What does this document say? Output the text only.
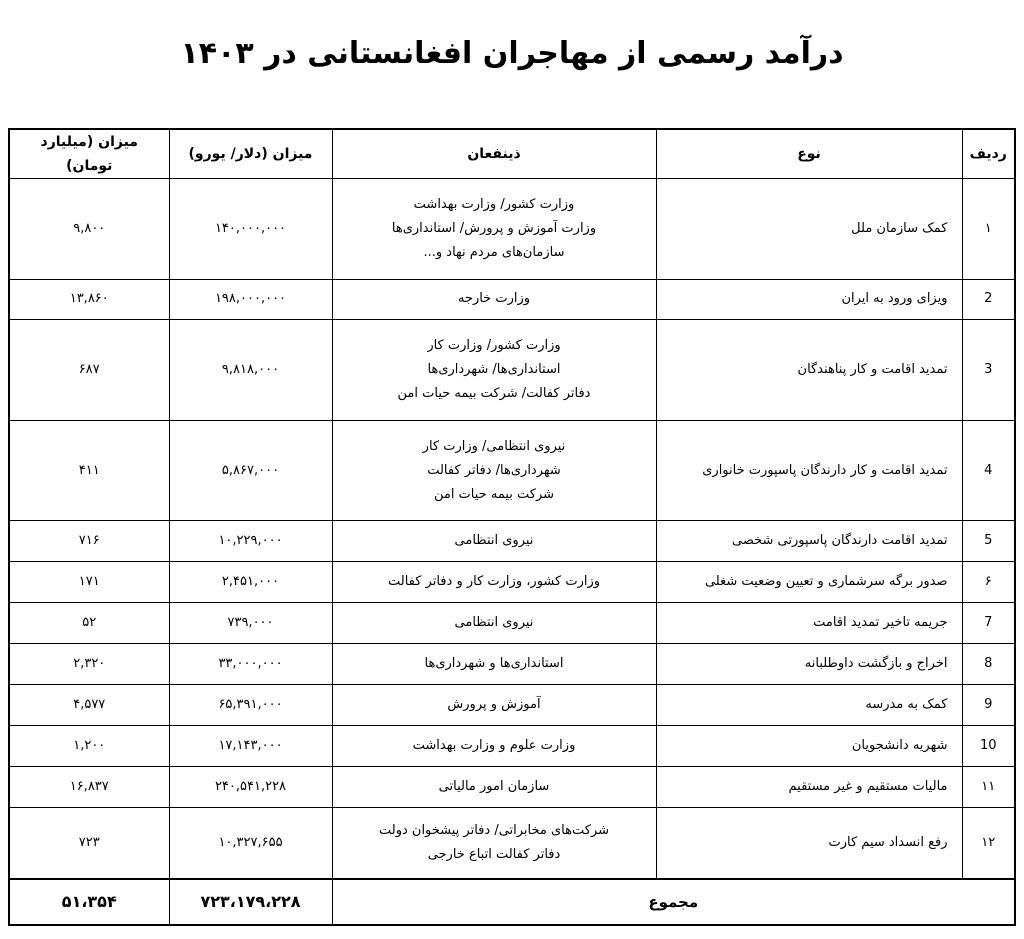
درآمد رسمی از مهاجران افغانستانی در ۱۴۰۳
ردیف	نوع	ذینفعان	میزان (دلار/ یورو)	میزان (میلیارد تومان)
۱	کمک سازمان ملل	وزارت کشور/ وزارت بهداشت
وزارت آموزش و پرورش/ استانداری‌ها
سازمان‌های مردم نهاد و...	۱۴۰,۰۰۰,۰۰۰	۹,۸۰۰
2	ویزای ورود به ایران	وزارت خارجه	۱۹۸,۰۰۰,۰۰۰	۱۳,۸۶۰
3	تمدید اقامت و کار پناهندگان	وزارت کشور/ وزارت کار
استانداری‌ها/ شهرداری‌ها
دفاتر کفالت/ شرکت بیمه حیات امن	۹,۸۱۸,۰۰۰	۶۸۷
4	تمدید اقامت و کار دارندگان پاسپورت خانواری	نیروی انتظامی/ وزارت کار
شهرداری‌ها/ دفاتر کفالت
شرکت بیمه حیات امن	۵,۸۶۷,۰۰۰	۴۱۱
5	تمدید اقامت دارندگان پاسپورتی شخصی	نیروی انتظامی	۱۰,۲۲۹,۰۰۰	۷۱۶
۶	صدور برگه سرشماری و تعیین وضعیت شغلی	وزارت کشور، وزارت کار و دفاتر کفالت	۲,۴۵۱,۰۰۰	۱۷۱
7	جریمه تاخیر تمدید اقامت	نیروی انتظامی	۷۳۹,۰۰۰	۵۲
8	اخراج و بازگشت داوطلبانه	استانداری‌ها و شهرداری‌ها	۳۳,۰۰۰,۰۰۰	۲,۳۲۰
9	کمک به مدرسه	آموزش و پرورش	۶۵,۳۹۱,۰۰۰	۴,۵۷۷
10	شهریه دانشجویان	وزارت علوم و وزارت بهداشت	۱۷,۱۴۳,۰۰۰	۱,۲۰۰
۱۱	مالیات مستقیم و غیر مستقیم	سازمان امور مالیاتی	۲۴۰,۵۴۱,۲۲۸	۱۶,۸۳۷
۱۲	رفع انسداد سیم کارت	شرکت‌های مخابراتی/ دفاتر پیشخوان دولت
دفاتر کفالت اتباع خارجی	۱۰,۳۲۷,۶۵۵	۷۲۳
مجموع			۷۲۳،۱۷۹،۲۲۸	۵۱،۳۵۴
